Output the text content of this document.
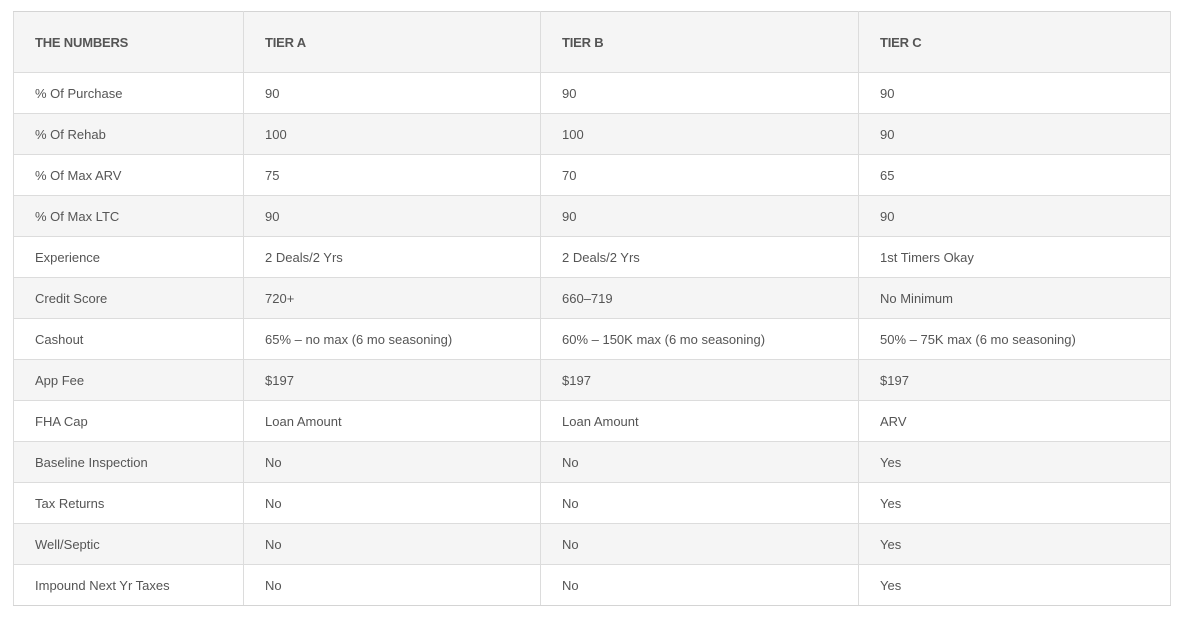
THE NUMBERS	TIER A	TIER B	TIER C
% Of Purchase	90	90	90
% Of Rehab	100	100	90
% Of Max ARV	75	70	65
% Of Max LTC	90	90	90
Experience	2 Deals/2 Yrs	2 Deals/2 Yrs	1st Timers Okay
Credit Score	720+	660–719	No Minimum
Cashout	65% – no max (6 mo seasoning)	60% – 150K max (6 mo seasoning)	50% – 75K max (6 mo seasoning)
App Fee	$197	$197	$197
FHA Cap	Loan Amount	Loan Amount	ARV
Baseline Inspection	No	No	Yes
Tax Returns	No	No	Yes
Well/Septic	No	No	Yes
Impound Next Yr Taxes	No	No	Yes
